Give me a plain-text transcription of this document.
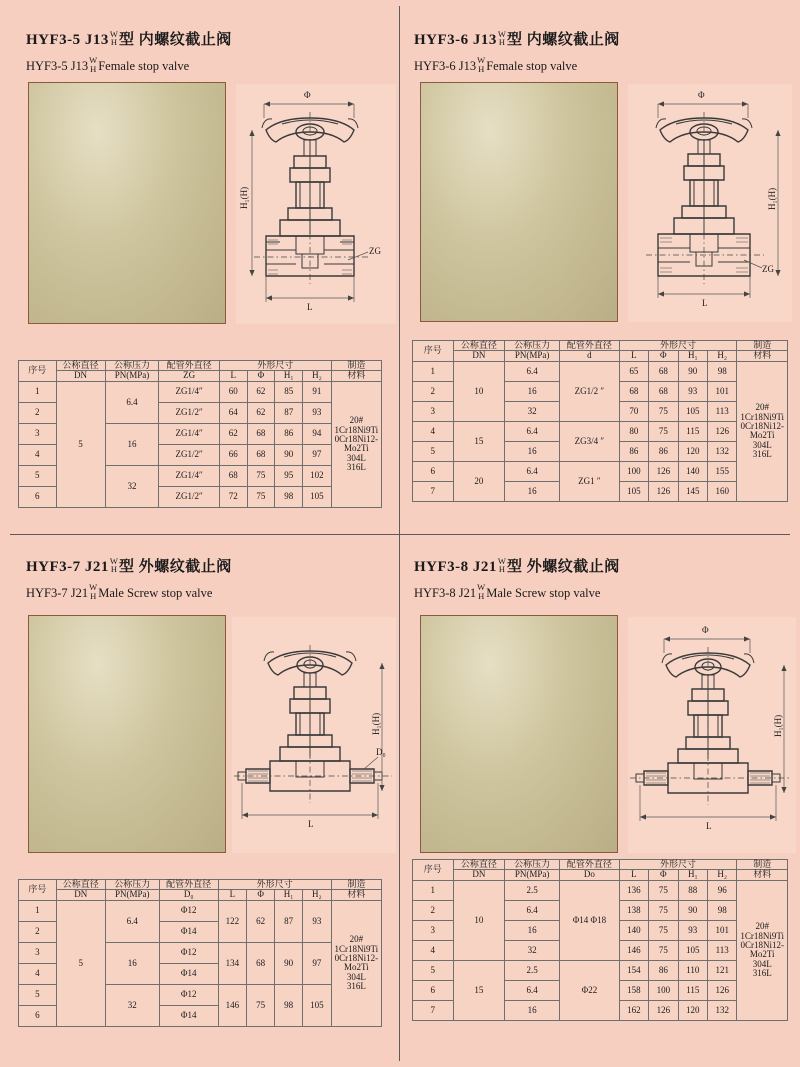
HYF3-5 J13 W
H 型 内螺纹截止阀
HYF3-5 J13 W
H Female stop valve
Φ
H₁(H)
ZG
L
序号	公称直径	公称压力	配管外直径	外形尺寸				制造
	DN	PN(MPa)	ZG	L	Φ	H₁	H₂	材料
1	5	6.4	ZG1/4″	60	62	85	91	
20#
1Cr18Ni9Ti
0Cr18Ni12-
Mo2Ti
304L
316L

2			ZG1/2″	64	62	87	93	
3		16	ZG1/4″	62	68	86	94	
4			ZG1/2″	66	68	90	97	
5		32	ZG1/4″	68	75	95	102	
6			ZG1/2″	72	75	98	105	
HYF3-6 J13 W
H 型 内螺纹截止阀
HYF3-6 J13 W
H Female stop valve
Φ
H₁(H)
ZG
L
序号	公称直径	公称压力	配管外直径	外形尺寸				制造
	DN	PN(MPa)	d	L	Φ	H₁	H₂	材料
1	10	6.4	ZG1/2 ″	65	68	90	98	
20#
1Cr18Ni9Ti
0Cr18Ni12-
Mo2Ti
304L
316L

2		16		68	68	93	101	
3		32		70	75	105	113	
4	15	6.4	ZG3/4 ″	80	75	115	126	
5		16		86	86	120	132	
6	20	6.4	ZG1 ″	100	126	140	155	
7		16		105	126	145	160	
HYF3-7 J21 W
H 型 外螺纹截止阀
HYF3-7 J21 W
H Male Screw stop valve
H₁(H)
D₀
L
序号	公称直径	公称压力	配管外直径	外形尺寸				制造
	DN	PN(MPa)	D₀	L	Φ	H₁	H₂	材料
1	5	6.4	Φ12	122	62	87	93	
20#
1Cr18Ni9Ti
0Cr18Ni12-
Mo2Ti
304L
316L

2			Φ14					
3		16	Φ12	134	68	90	97	
4			Φ14					
5		32	Φ12	146	75	98	105	
6			Φ14					
HYF3-8 J21 W
H 型 外螺纹截止阀
HYF3-8 J21 W
H Male Screw stop valve
Φ
H₁(H)
L
序号	公称直径	公称压力	配管外直径	外形尺寸				制造
	DN	PN(MPa)	Do	L	Φ	H₁	H₂	材料
1	10	2.5	Φ14 Φ18	136	75	88	96	
20#
1Cr18Ni9Ti
0Cr18Ni12-
Mo2Ti
304L
316L

2		6.4		138	75	90	98	
3		16		140	75	93	101	
4		32		146	75	105	113	
5	15	2.5	Φ22	154	86	110	121	
6		6.4		158	100	115	126	
7		16		162	126	120	132	
